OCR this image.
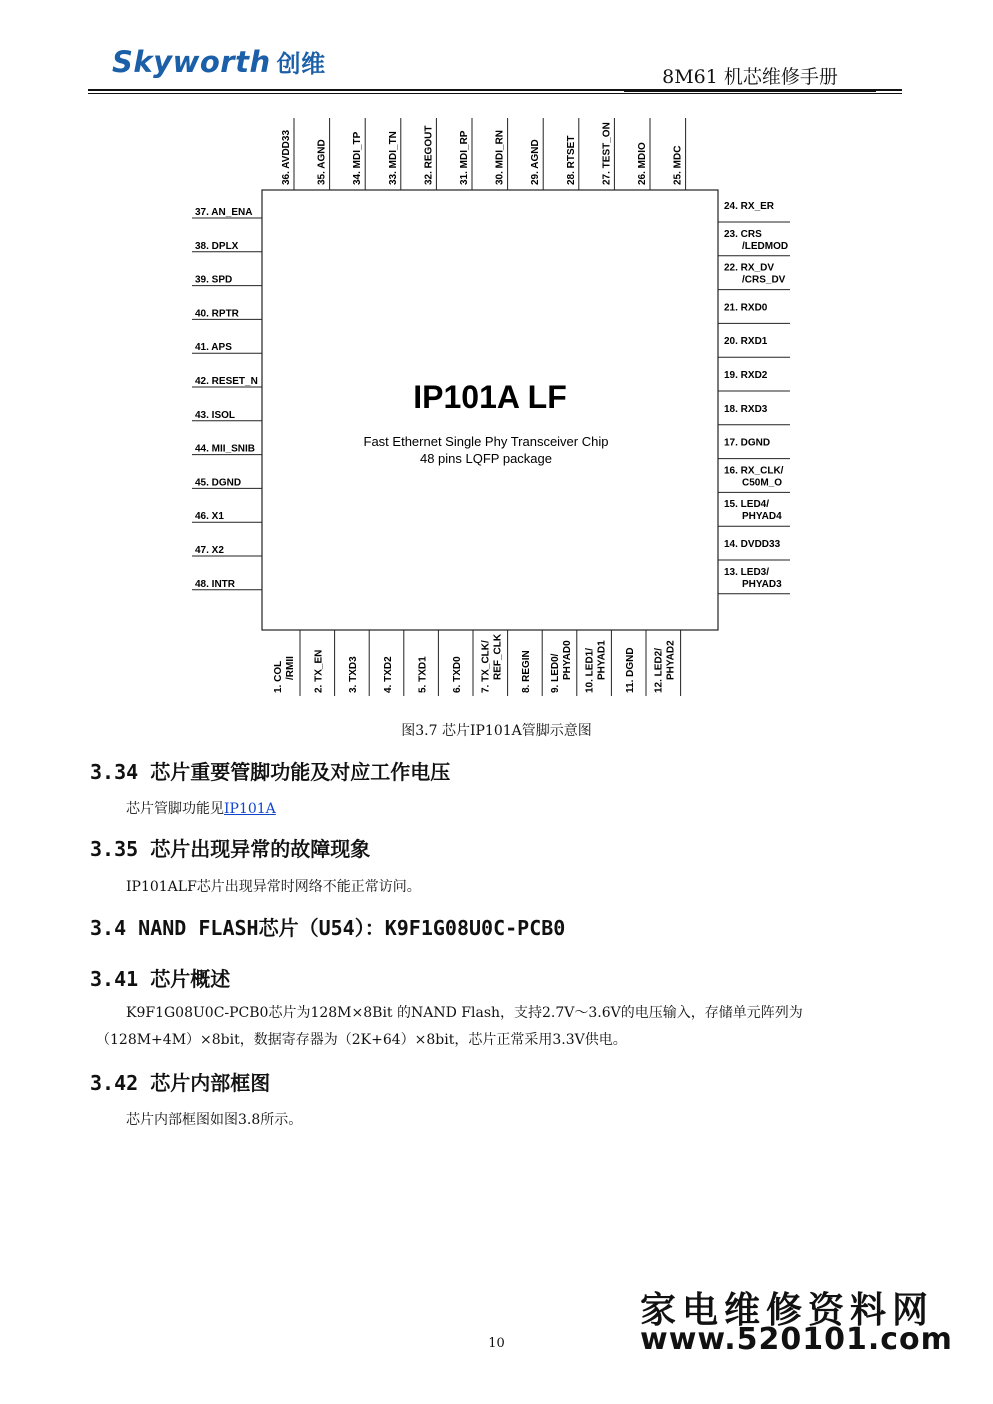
Skyworth 创维	8M61 机芯维修手册
IP101A LF
Fast Ethernet Single Phy Transceiver Chip
48 pins LQFP package
37. AN_ENA
38. DPLX
39. SPD
40. RPTR
41. APS
42. RESET_N
43. ISOL
44. MII_SNIB
45. DGND
46. X1
47. X2
48. INTR
24. RX_ER
23. CRS
/LEDMOD
22. RX_DV
/CRS_DV
21. RXD0
20. RXD1
19. RXD2
18. RXD3
17. DGND
16. RX_CLK/
C50M_O
15. LED4/
PHYAD4
14. DVDD33
13. LED3/
PHYAD3
36. AVDD33 35. AGND 34. MDI_TP 33. MDI_TN 32. REGOUT 31. MDI_RP 30. MDI_RN 29. AGND 28. RTSET 27. TEST_ON 26. MDIO 25. MDC
1. COL /RMII 2. TX_EN 3. TXD3 4. TXD2 5. TXD1 6. TXD0 7. TX_CLK/ REF_CLK 8. REGIN 9. LED0/ PHYAD0 10. LED1/ PHYAD1 11. DGND 12. LED2/ PHYAD2
图3.7 芯片IP101A管脚示意图
3.34 芯片重要管脚功能及对应工作电压
芯片管脚功能见IP101A
3.35 芯片出现异常的故障现象
IP101ALF芯片出现异常时网络不能正常访问。
3.4 NAND FLASH芯片（U54）：K9F1G08U0C-PCB0
3.41 芯片概述
K9F1G08U0C-PCB0芯片为128M×8Bit 的NAND Flash，支持2.7V～3.6V的电压输入，存储单元阵列为
（128M+4M）×8bit，数据寄存器为（2K+64）×8bit，芯片正常采用3.3V供电。
3.42 芯片内部框图
芯片内部框图如图3.8所示。
10
家电维修资料网
www.520101.com
